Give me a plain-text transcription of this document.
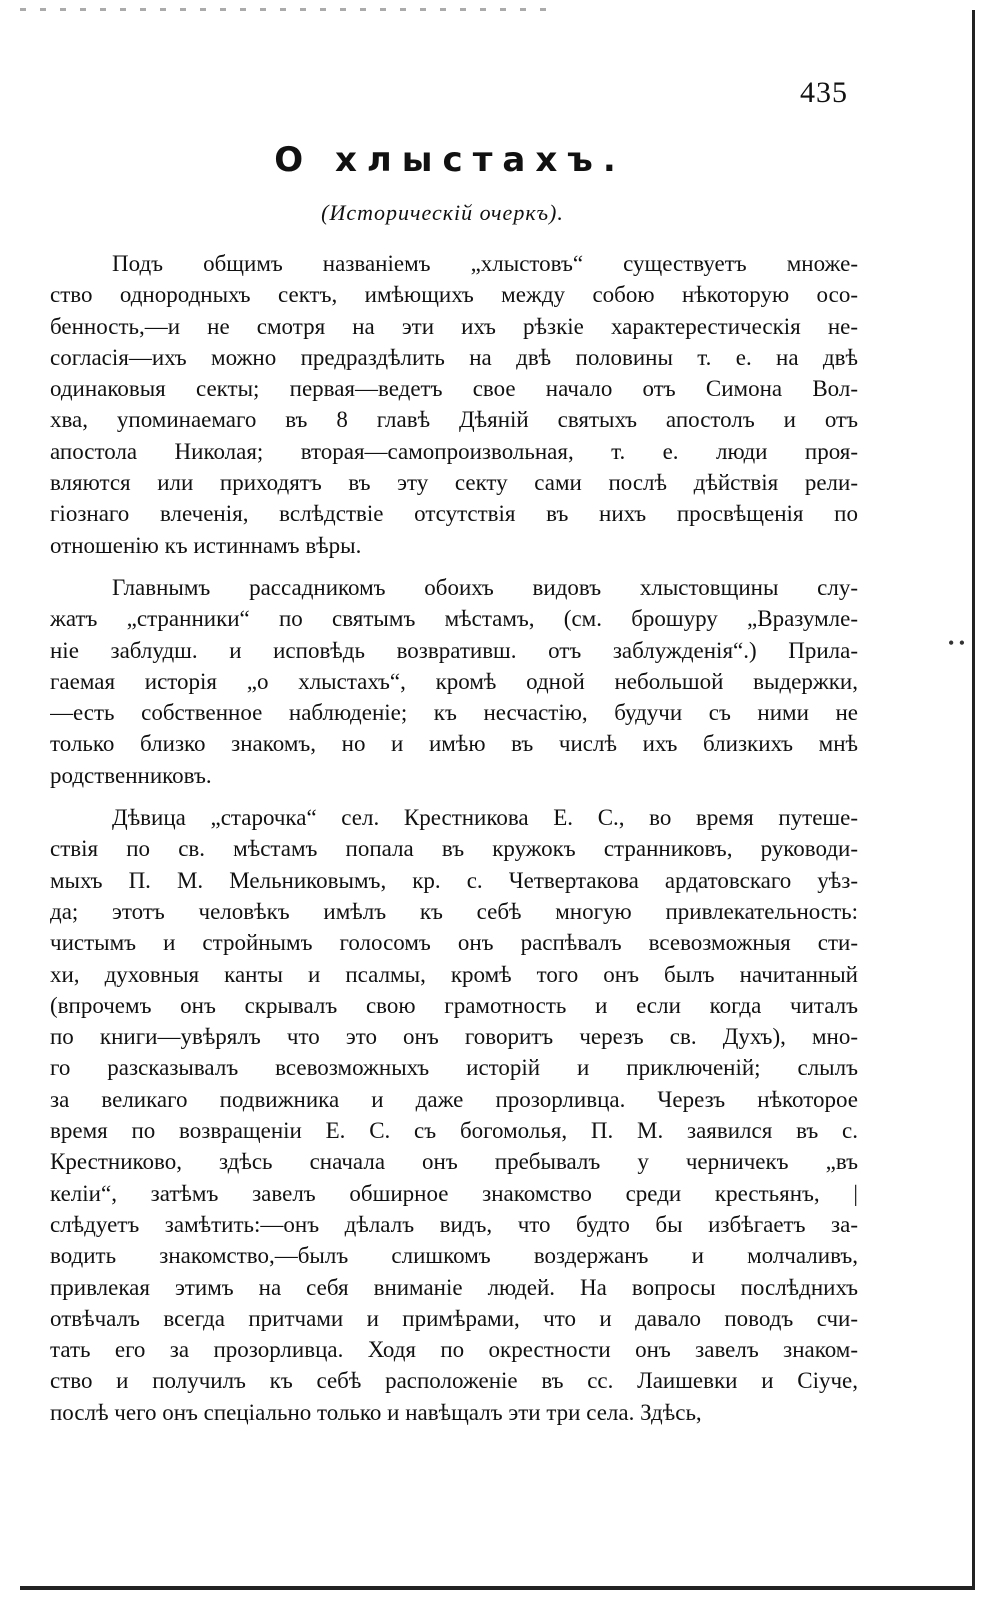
435
О хлыстахъ.
(Историческій очеркъ).
• •
Подъ общимъ названіемъ „хлыстовъ“ существуетъ множе-
ство однородныхъ сектъ, имѣющихъ между собою нѣкоторую осо-
бенность,—и не смотря на эти ихъ рѣзкіе характерестическія не-
согласія—ихъ можно предраздѣлить на двѣ половины т. е. на двѣ
одинаковыя секты; первая—ведетъ свое начало отъ Симона Вол-
хва, упоминаемаго въ 8 главѣ Дѣяній святыхъ апостолъ и отъ
апостола Николая; вторая—самопроизвольная, т. е. люди проя-
вляются или приходятъ въ эту секту сами послѣ дѣйствія рели-
гіознаго влеченія, вслѣдствіе отсутствія въ нихъ просвѣщенія по
отношенію къ истиннамъ вѣры.
Главнымъ рассадникомъ обоихъ видовъ хлыстовщины слу-
жатъ „странники“ по святымъ мѣстамъ, (см. брошуру „Вразумле-
ніе заблудш. и исповѣдь возвративш. отъ заблужденія“.) Прила-
гаемая исторія „о хлыстахъ“, кромѣ одной небольшой выдержки,
—есть собственное наблюденіе; къ несчастію, будучи съ ними не
только близко знакомъ, но и имѣю въ числѣ ихъ близкихъ мнѣ
родственниковъ.
Дѣвица „старочка“ сел. Крестникова Е. С., во время путеше-
ствія по св. мѣстамъ попала въ кружокъ странниковъ, руководи-
мыхъ П. М. Мельниковымъ, кр. с. Четвертакова ардатовскаго уѣз-
да; этотъ человѣкъ имѣлъ къ себѣ многую привлекательность:
чистымъ и стройнымъ голосомъ онъ распѣвалъ всевозможныя сти-
хи, духовныя канты и псалмы, кромѣ того онъ былъ начитанный
(впрочемъ онъ скрывалъ свою грамотность и если когда читалъ
по книги—увѣрялъ что это онъ говоритъ черезъ св. Духъ), мно-
го разсказывалъ всевозможныхъ исторій и приключеній; слылъ
за великаго подвижника и даже прозорливца. Черезъ нѣкоторое
время по возвращеніи Е. С. съ богомолья, П. М. заявился въ с.
Крестниково, здѣсь сначала онъ пребывалъ у черничекъ „въ
келіи“, затѣмъ завелъ обширное знакомство среди крестьянъ, |
слѣдуетъ замѣтить:—онъ дѣлалъ видъ, что будто бы избѣгаетъ за-
водить знакомство,—былъ слишкомъ воздержанъ и молчаливъ,
привлекая этимъ на себя вниманіе людей. На вопросы послѣднихъ
отвѣчалъ всегда притчами и примѣрами, что и давало поводъ счи-
тать его за прозорливца. Ходя по окрестности онъ завелъ знаком-
ство и получилъ къ себѣ расположеніе въ сс. Лаишевки и Сіуче,
послѣ чего онъ спеціально только и навѣщалъ эти три села. Здѣсь,
